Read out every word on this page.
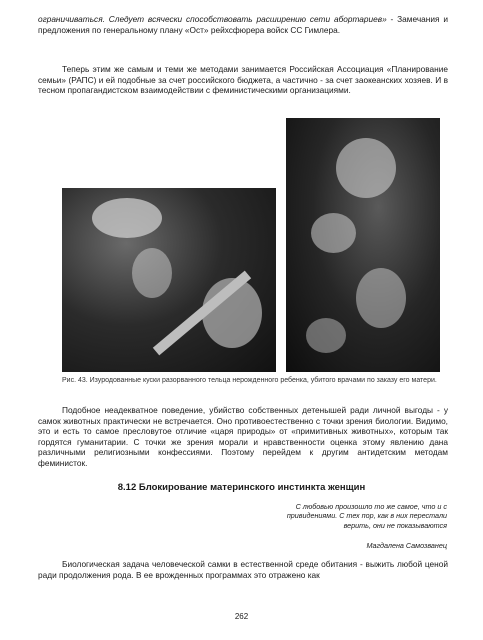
ограничиваться. Следует всячески способствовать расширению сети абортариев» - Замечания и предложения по генеральному плану «Ост» рейхсфюрера войск СС Гимлера.

Теперь этим же самым и теми же методами занимается Российская Ассоциация «Планирование семьи» (РАПС) и ей подобные за счет российского бюджета, а частично - за счет заокеанских хозяев. И в тесном пропагандистском взаимодействии с феминистическими организациями.

Рис. 43. Изуродованные куски разорванного тельца нерожденного ребенка, убитого врачами по заказу его матери.

Подобное неадекватное поведение, убийство собственных детенышей ради личной выгоды - у самок животных практически не встречается. Оно противоестественно с точки зрения биологии. Видимо, это и есть то самое пресловутое отличие «царя природы» от «примитивных животных», которым так гордятся гуманитарии. С точки же зрения морали и нравственности оценка этому явлению дана различными религиозными конфессиями. Поэтому перейдем к другим антидетским методам феминисток.

8.12 Блокирование материнского инстинкта женщин

С любовью произошло то же самое, что и с привидениями. С тех пор, как в них перестали верить, они не показываются

Магдалена Самозванец

Биологическая задача человеческой самки в естественной среде обитания - выжить любой ценой ради продолжения рода. В ее врожденных программах это отражено как

262
